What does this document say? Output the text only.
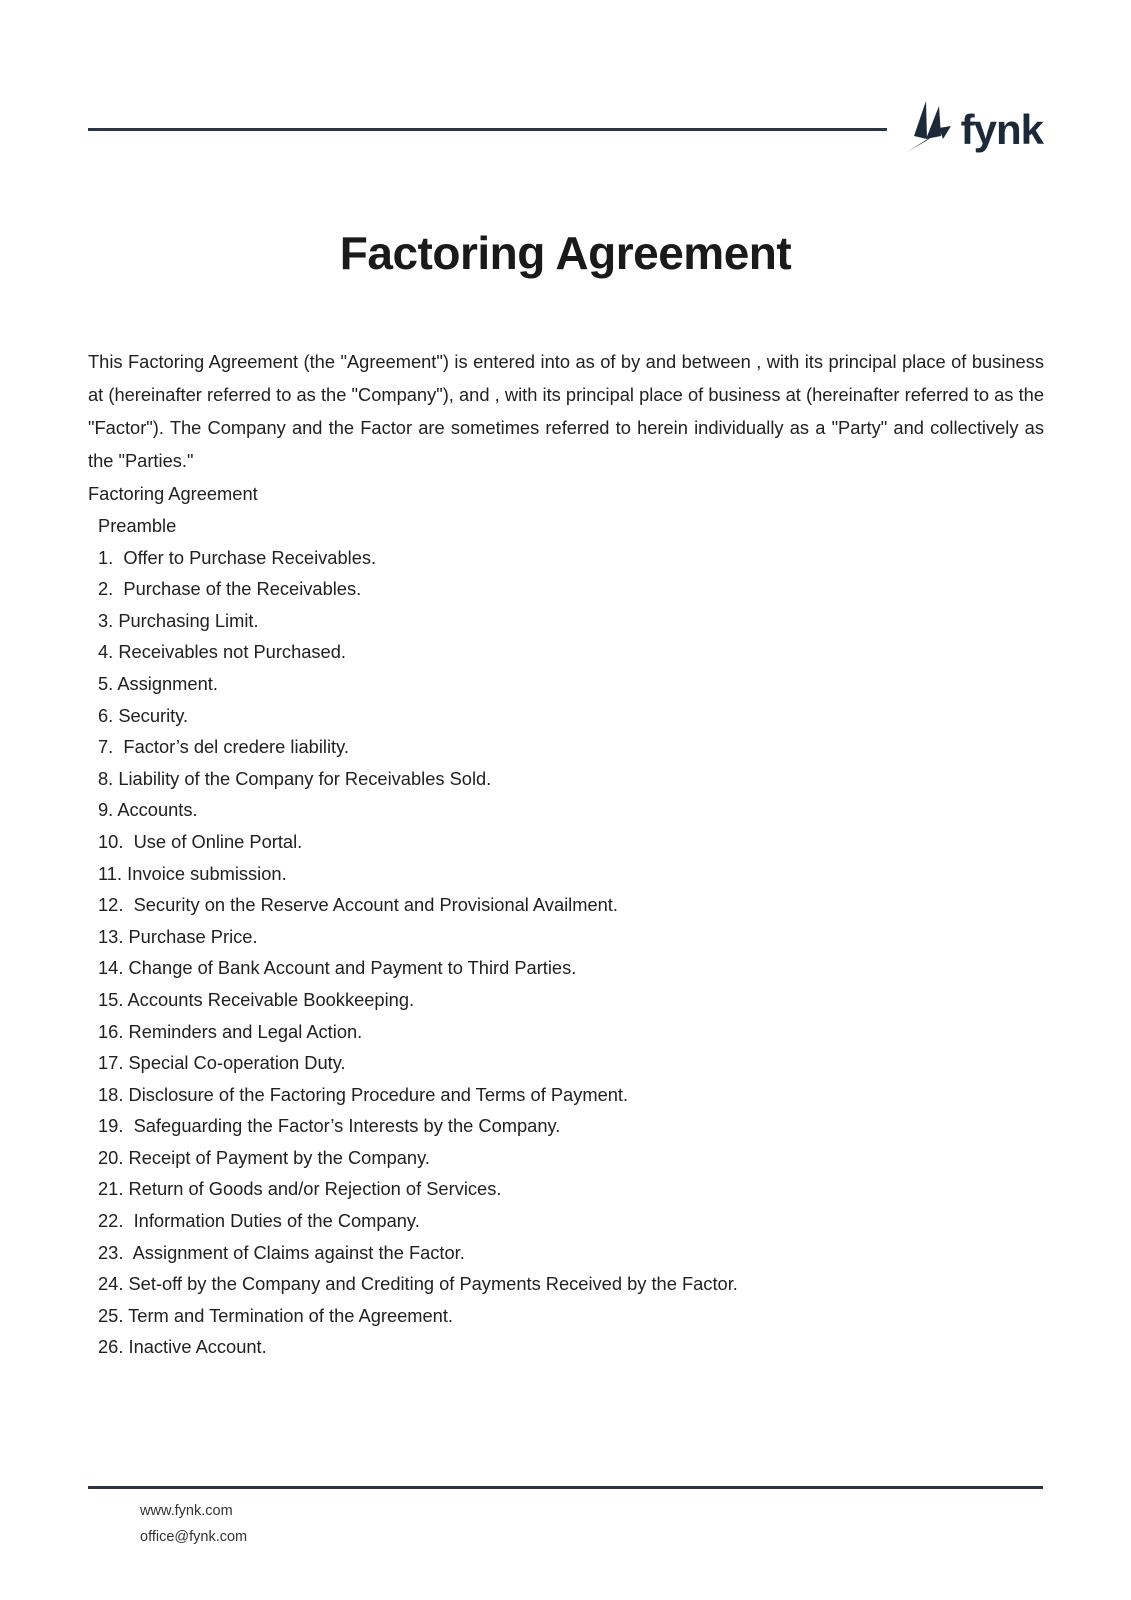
fynk
Factoring Agreement

This Factoring Agreement (the "Agreement") is entered into as of by and between , with its principal place of business at (hereinafter referred to as the "Company"), and , with its principal place of business at (hereinafter referred to as the "Factor"). The Company and the Factor are sometimes referred to herein individually as a "Party" and collectively as the "Parties."

Factoring Agreement

Preamble
1.  Offer to Purchase Receivables.
2.  Purchase of the Receivables.
3. Purchasing Limit.
4. Receivables not Purchased.
5. Assignment.
6. Security.
7.  Factor’s del credere liability.
8. Liability of the Company for Receivables Sold.
9. Accounts.
10.  Use of Online Portal.
11. Invoice submission.
12.  Security on the Reserve Account and Provisional Availment.
13. Purchase Price.
14. Change of Bank Account and Payment to Third Parties.
15. Accounts Receivable Bookkeeping.
16. Reminders and Legal Action.
17. Special Co-operation Duty.
18. Disclosure of the Factoring Procedure and Terms of Payment.
19.  Safeguarding the Factor’s Interests by the Company.
20. Receipt of Payment by the Company.
21. Return of Goods and/or Rejection of Services.
22.  Information Duties of the Company.
23.  Assignment of Claims against the Factor.
24. Set-off by the Company and Crediting of Payments Received by the Factor.
25. Term and Termination of the Agreement.
26. Inactive Account.
www.fynk.com
office@fynk.com
